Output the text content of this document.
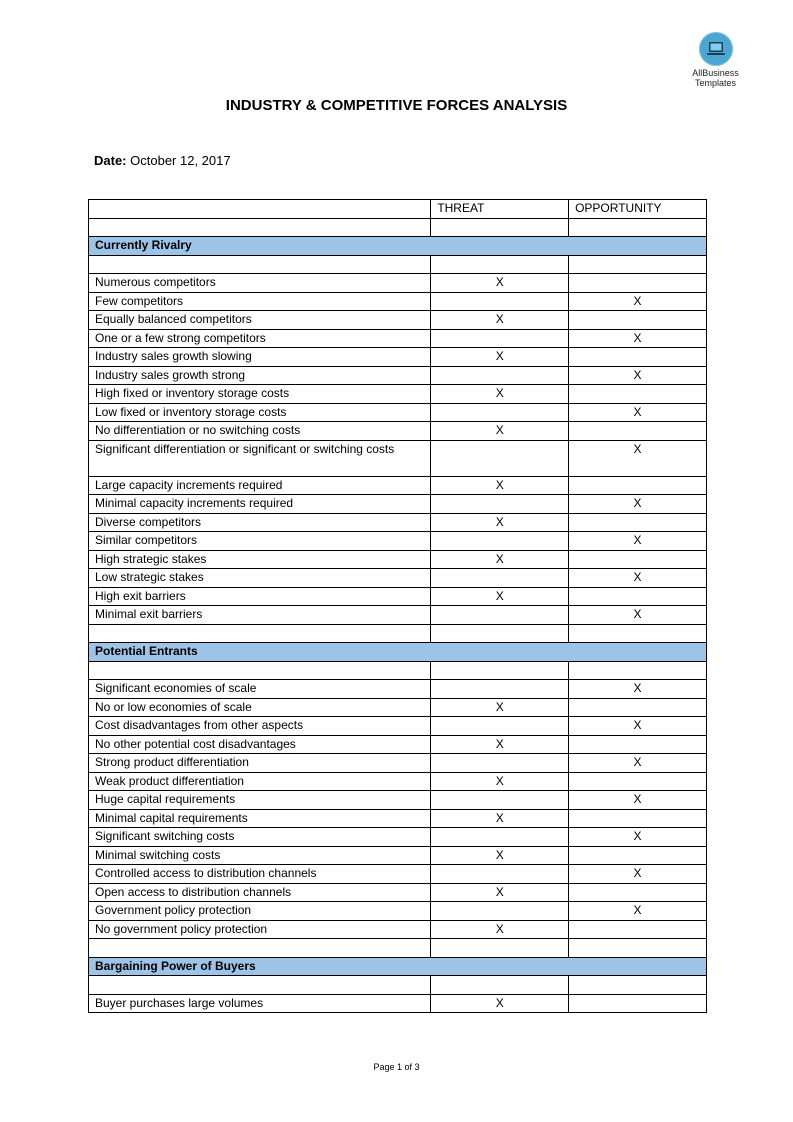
AllBusiness
Templates
INDUSTRY & COMPETITIVE FORCES ANALYSIS
Date: October 12, 2017
	THREAT	OPPORTUNITY

Currently Rivalry		

Numerous competitors	X	
Few competitors		X
Equally balanced competitors	X	
One or a few strong competitors		X
Industry sales growth slowing	X	
Industry sales growth strong		X
High fixed or inventory storage costs	X	
Low fixed or inventory storage costs		X
No differentiation or no switching costs	X	
Significant differentiation or significant or switching costs		X
Large capacity increments required	X	
Minimal capacity increments required		X
Diverse competitors	X	
Similar competitors		X
High strategic stakes	X	
Low strategic stakes		X
High exit barriers	X	
Minimal exit barriers		X

Potential Entrants		

Significant economies of scale		X
No or low economies of scale	X	
Cost disadvantages from other aspects		X
No other potential cost disadvantages	X	
Strong product differentiation		X
Weak product differentiation	X	
Huge capital requirements		X
Minimal capital requirements	X	
Significant switching costs		X
Minimal switching costs	X	
Controlled access to distribution channels		X
Open access to distribution channels	X	
Government policy protection		X
No government policy protection	X	

Bargaining Power of Buyers		

Buyer purchases large volumes	X	
Page 1 of 3
